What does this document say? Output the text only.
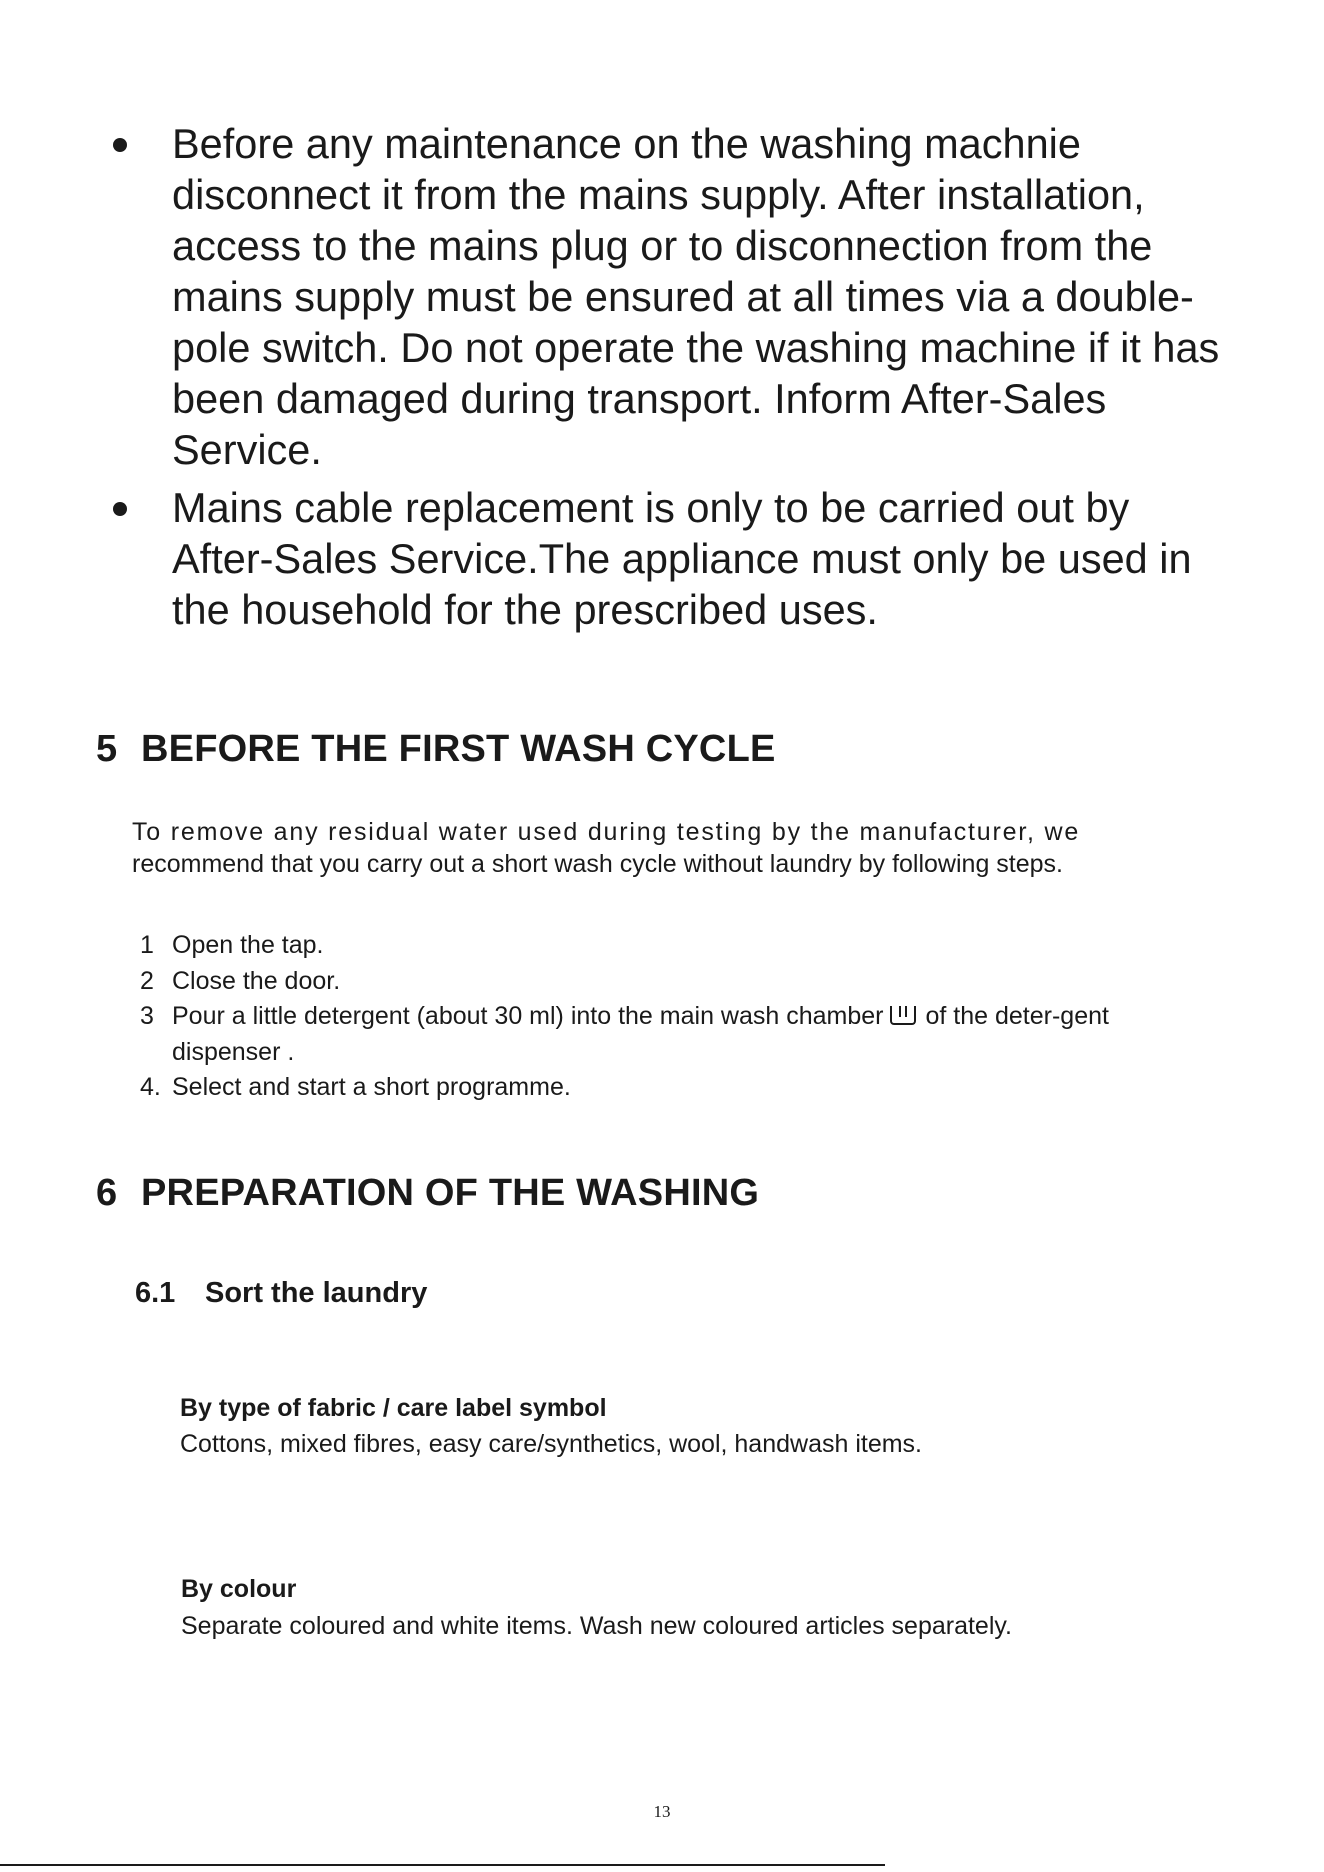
Before any maintenance on the washing machnie disconnect it from the mains supply. After installation, access to the mains plug or to disconnection from the mains supply must be ensured at all times via a double-pole switch. Do not operate the washing machine if it has been damaged during transport. Inform After-Sales Service.
Mains cable replacement is only to be carried out by After-Sales Service.The appliance must only be used in the household for the prescribed uses.
5 BEFORE THE FIRST WASH CYCLE

To remove any residual water used during testing by the manufacturer, we
recommend that you carry out a short wash cycle without laundry by following steps.

1 Open the tap.
2 Close the door.
3 Pour a little detergent (about 30 ml) into the main wash chamber of the deter-gent dispenser .
4. Select and start a short programme.
6 PREPARATION OF THE WASHING
6.1 Sort the laundry

By type of fabric / care label symbol

Cottons, mixed fibres, easy care/synthetics, wool, handwash items.

By colour

Separate coloured and white items. Wash new coloured articles separately.

13
